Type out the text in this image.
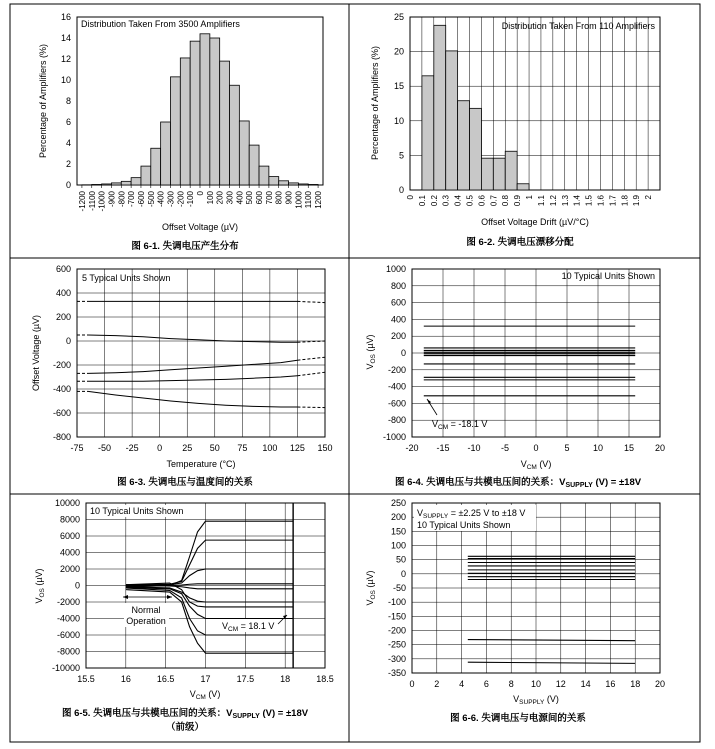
0
2
4
6
8
10
12
14
16
-1200 -1100 -1000 -900 -800 -700 -600 -500 -400 -300 -200 -100 0 100 200 300 400 500 600 700 800 900 1000 1100 1200
Distribution Taken From 3500 Amplifiers
Offset Voltage (µV)
Percentage of Amplifiers (%)
图 6-1. 失调电压产生分布
0
5
10
15
20
25
0 0.1 0.2 0.3 0.4 0.5 0.6 0.7 0.8 0.9 1 1.1 1.2 1.3 1.4 1.5 1.6 1.7 1.8 1.9 2
Distribution Taken From 110 Amplifiers
Offset Voltage Drift (µV/°C)
Percentage of Amplifiers (%)
图 6-2. 失调电压漂移分配
-800
-600
-400
-200
0
200
400
600
-75 -50 -25 0 25 50 75 100 125 150
5 Typical Units Shown
Temperature (°C)
Offset Voltage (µV)
图 6-3. 失调电压与温度间的关系
-1000
-800
-600
-400
-200
0
200
400
600
800
1000
-20 -15 -10 -5	0	5	10 15 20
10 Typical Units Shown
$V_{CM} = -18.1$ V
$V_{CM}$ (V)
$V_{OS}$ (µV)
图 6-4. 失调电压与共模电压间的关系：$V_{SUPPLY}$ (V) = ±18V
-10000
-8000
-6000
-4000
-2000
0
2000
4000
6000
8000
10000
15.5	16	16.5	17	17.5	18	18.5
10 Typical Units Shown
Normal
Operation	$V_{CM} = 18.1$ V
$V_{CM}$ (V)
$V_{OS}$ (µV)
图 6-5. 失调电压与共模电压间的关系：$V_{SUPPLY}$ (V) = ±18V
（前级）
-350
-300
-250
-200
-150
-100
-50
0
50
100
150
200
250
0 2 4 6 8 10 12 14 16 18 20
$V_{SUPPLY} = \pm 2.25$ V to ±18 V
10 Typical Units Shown
$V_{SUPPLY}$ (V)
$V_{OS}$ (µV)
图 6-6. 失调电压与电源间的关系
